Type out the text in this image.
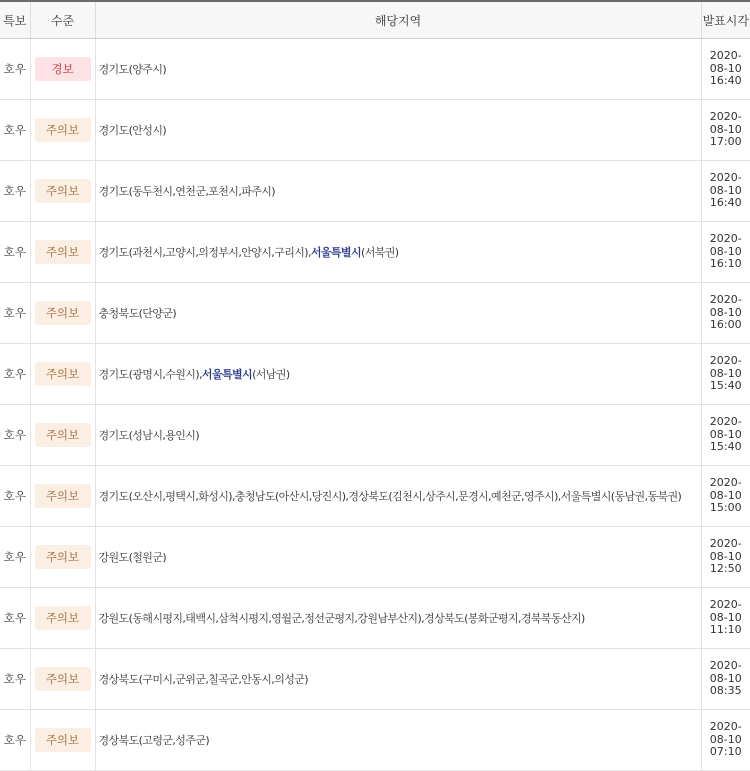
특보	수준	해당지역	발표시각
호우	경보	경기도(양주시)	2020-
08-10
16:40

호우	주의보	경기도(안성시)	2020-
08-10
17:00

호우	주의보	경기도(동두천시,연천군,포천시,파주시)	2020-
08-10
16:40

호우	주의보	경기도(과천시,고양시,의정부시,안양시,구리시),서울특별시(서북권)	2020-
08-10
16:10

호우	주의보	충청북도(단양군)	2020-
08-10
16:00

호우	주의보	경기도(광명시,수원시),서울특별시(서남권)	2020-
08-10
15:40

호우	주의보	경기도(성남시,용인시)	2020-
08-10
15:40

호우	주의보	경기도(오산시,평택시,화성시),충청남도(아산시,당진시),경상북도(김천시,상주시,문경시,예천군,영주시),서울특별시(동남권,동북권)	2020-
08-10
15:00

호우	주의보	강원도(철원군)	2020-
08-10
12:50

호우	주의보	강원도(동해시평지,태백시,삼척시평지,영월군,정선군평지,강원남부산지),경상북도(봉화군평지,경북북동산지)	2020-
08-10
11:10

호우	주의보	경상북도(구미시,군위군,칠곡군,안동시,의성군)	2020-
08-10
08:35

호우	주의보	경상북도(고령군,성주군)	2020-
08-10
07:10
